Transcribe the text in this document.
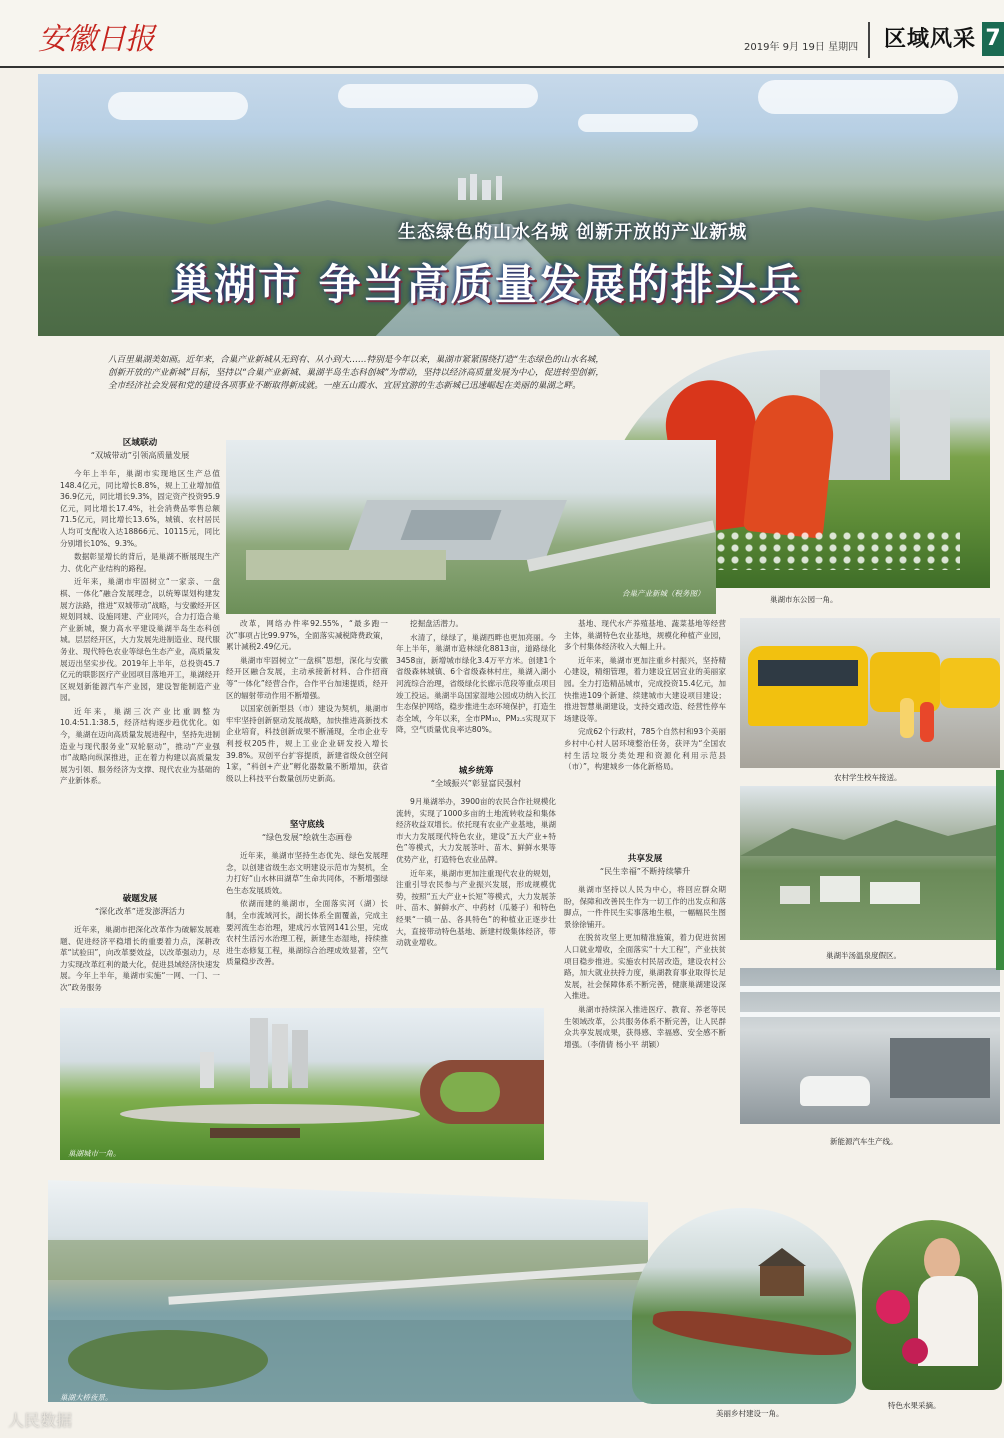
安徽日报	2019年 9月 19日 星期四 区域风采 7
生态绿色的山水名城 创新开放的产业新城
巢湖市 争当高质量发展的排头兵
八百里巢湖美如画。近年来，合巢产业新城从无到有、从小到大……特别是今年以来，巢湖市紧紧围绕打造“生态绿色的山水名城，创新开放的产业新城”目标，坚持以“合巢产业新城、巢湖半岛生态科创城”为带动，坚持以经济高质量发展为中心，促进转型创新，全市经济社会发展和党的建设各项事业不断取得新成就。一座五山霞水、宜居宜游的生态新城已迅速崛起在美丽的巢湖之畔。
巢湖市东公园一角。
合巢产业新城（税务图）
区域联动
“双城带动”引领高质量发展

今年上半年，巢湖市实现地区生产总值148.4亿元，同比增长8.8%，规上工业增加值36.9亿元，同比增长9.3%，固定资产投资95.9亿元，同比增长17.4%，社会消费品零售总额71.5亿元，同比增长13.6%，城镇、农村居民人均可支配收入达18866元、10115元，同比分别增长10%、9.3%。

数据彰显增长的背后，是巢湖不断展现生产力、优化产业结构的路程。

近年来，巢湖市牢固树立“一家亲、一盘棋、一体化”融合发展理念，以统筹谋划构建发展方法路，推进“双城带动”战略，与安徽经开区规划同城、设施同建、产业同兴，合力打造合巢产业新城，聚力高水平建设巢湖半岛生态科创城。层层经开区，大力发展先进制造业、现代服务业、现代特色农业等绿色生态产业，高质量发展迈出坚实步伐。2019年上半年，总投资45.7亿元的联影医疗产业园项目落地开工，巢湖经开区规划新能源汽车产业园，建设智能制造产业园。

近年来，巢湖三次产业比重调整为10.4:51.1:38.5，经济结构逐步趋优优化。如今，巢湖在迈向高质量发展进程中，坚持先进制造业与现代服务业“双轮驱动”，推动“产业强市”战略向纵深推进，正在着力构建以高质量发展为引领、服务经济为支撑、现代农业为基础的产业新体系。

破题发展
“深化改革”迸发澎湃活力

近年来，巢湖市把深化改革作为破解发展难题、促进经济平稳增长的重要着力点，深耕改革“试验田”，向改革要效益，以改革强动力，尽力实现改革红利的最大化，促进县域经济快速发展。今年上半年，巢湖市实施“一网、一门、一次”政务服务

改革，网络办件率92.55%，“最多跑一次”事项占比99.97%，全面落实减税降费政策，累计减税2.49亿元。

巢湖市牢固树立“一盘棋”思想，深化与安徽经开区融合发展，主动承接新材料、合作招商等“一体化”经营合作，合作平台加速提质，经开区的辐射带动作用不断增强。

以国家创新型县（市）建设为契机，巢湖市牢牢坚持创新驱动发展战略，加快推进高新技术企业培育，科技创新成果不断涌现，全市企业专利授权205件，规上工业企业研发投入增长39.8%。双创平台扩容提质，新建省级众创空间1家，“科创+产业”孵化器数量不断增加，获省级以上科技平台数量创历史新高。

坚守底线
“绿色发展”绘就生态画卷

近年来，巢湖市坚持生态优先、绿色发展理念，以创建省级生态文明建设示范市为契机，全力打好“山水林田湖草”生命共同体，不断增强绿色生态发展质效。

依湖而建的巢湖市，全面落实河（湖）长制，全市流域河长，湖长体系全面覆盖，完成主要河流生态治理，建成污水管网141公里，完成农村生活污水治理工程，新建生态湿地，持续推进生态修复工程，巢湖综合治理成效显著，空气质量稳步改善。

挖掘盘活潜力。

水清了，绿绿了，巢湖西畔也更加亮丽。今年上半年，巢湖市造林绿化8813亩，道路绿化3458亩，新增城市绿化3.4万平方米。创建1个省级森林城镇、6个省级森林村庄，巢湖入湖小河流综合治理，省级绿化长廊示范段等重点项目竣工投运。巢湖半岛国家湿地公园成功纳入长江生态保护网络，稳步推进生态环境保护，打造生态全域，今年以来，全市PM₁₀、PM₂.₅实现双下降，空气质量优良率达80%。

城乡统筹
“全域振兴”彰显富民强村

9月巢湖举办，3900亩的农民合作社规模化流转，实现了1000多亩的土地流转收益和集体经济收益双增长。依托现有农业产业基地，巢湖市大力发展现代特色农业，建设“五大产业+特色”等模式，大力发展茶叶、苗木、鲜鲜水果等优势产业，打造特色农业品牌。

近年来，巢湖市更加注重现代农业的规划，注重引导农民参与产业振兴发展，形成规模优势，按照“五大产业+长短”等模式，大力发展茶叶、苗木、鲜鲜水产、中药材（瓜蒌子）和特色经果“一镇一品、各具特色”的种植业正逐步壮大，直接带动特色基地、新建村级集体经济，带动就业增收。

基地、现代水产养殖基地、蔬菜基地等经营主体，巢湖特色农业基地，规模化种植产业园，多个村集体经济收入大幅上升。

近年来，巢湖市更加注重乡村振兴，坚持精心建设，精细管理，着力建设宜居宜业的美丽家园。全力打造精品城市，完成投资15.4亿元，加快推进109个新建、续建城市大建设项目建设；推进智慧巢湖建设，支持交通改造、经营性停车场建设等。

完成62个行政村，785个自然村和93个美丽乡村中心村人居环境整治任务，获评为“全国农村生活垃圾分类处理和资源化利用示范县（市）”，构建城乡一体化新格局。

共享发展
“民生幸福”不断持续攀升

巢湖市坚持以人民为中心，将回应群众期盼，保障和改善民生作为一切工作的出发点和落脚点，一件件民生实事落地生根，一幅幅民生图景徐徐铺开。

在脱贫攻坚上更加精准施策，着力促进贫困人口就业增收，全面落实“十大工程”，产业扶贫项目稳步推进。实施农村民居改造，建设农村公路，加大就业扶持力度，巢湖教育事业取得长足发展，社会保障体系不断完善，健康巢湖建设深入推进。

巢湖市持续深入推进医疗、教育、养老等民生领域改革，公共服务体系不断完善，让人民群众共享发展成果，获得感、幸福感、安全感不断增强。（李倩倩 杨小平 胡颖）

农村学生校车接送。
巢湖半汤温泉度假区。
新能源汽车生产线。
巢湖城市一角。
巢湖大桥夜景。
美丽乡村建设一角。
特色水果采摘。
人民数据
